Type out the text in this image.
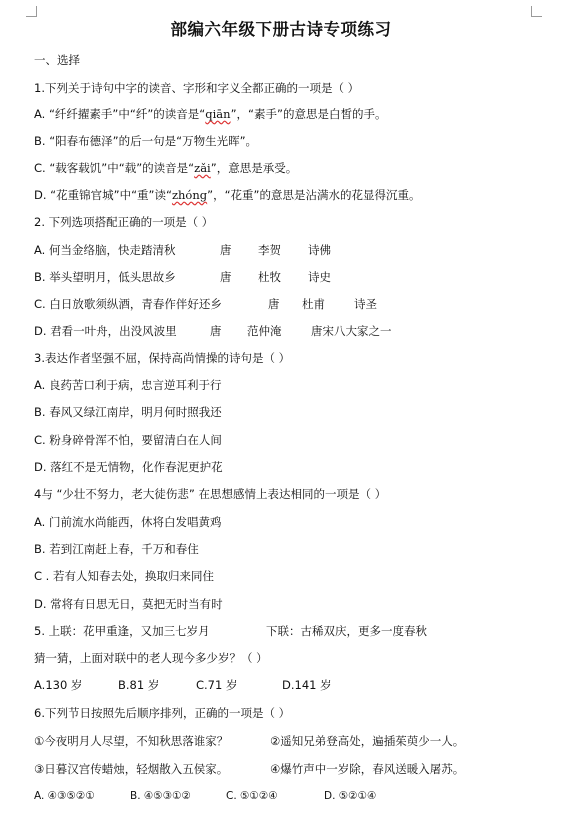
部编六年级下册古诗专项练习
一、选择
1.下列关于诗句中字的读音、字形和字义全都正确的一项是（ ）
A. “纤纤擢素手”中“纤”的读音是“qiān”，“素手”的意思是白皙的手。
B. “阳春布德泽”的后一句是“万物生光晖”。
C. “载客载饥”中“载”的读音是“zǎi”，意思是承受。
D. “花重锦官城”中“重”读“zhóng”，“花重”的意思是沾满水的花显得沉重。
2. 下列选项搭配正确的一项是（ ）
A. 何当金络脑，快走踏清秋	唐 李贺 诗佛
B. 举头望明月，低头思故乡	唐 杜牧 诗史
C. 白日放歌须纵酒，青春作伴好还乡	唐 杜甫	诗圣
D. 君看一叶舟，出没风波里	唐 范仲淹	唐宋八大家之一
3.表达作者坚强不屈，保持高尚情操的诗句是（ ）
A. 良药苦口利于病，忠言逆耳利于行
B. 春风又绿江南岸，明月何时照我还
C. 粉身碎骨浑不怕，要留清白在人间
D. 落红不是无情物，化作春泥更护花
4与 “少壮不努力，老大徒伤悲” 在思想感情上表达相同的一项是（ ）
A. 门前流水尚能西，休将白发唱黄鸡
B. 若到江南赶上春，千万和春住
C . 若有人知春去处，换取归来同住
D. 常将有日思无日，莫把无时当有时
5. 上联：花甲重逢，又加三七岁月	下联：古稀双庆，更多一度春秋
猜一猜，上面对联中的老人现今多少岁？（ ）
A.130 岁	B.81 岁	C.71 岁	D.141 岁
6.下列节日按照先后顺序排列，正确的一项是（ ）
①今夜明月人尽望，不知秋思落谁家？	②遥知兄弟登高处，遍插茱萸少一人。
③日暮汉宫传蜡烛，轻烟散入五侯家。	④爆竹声中一岁除，春风送暖入屠苏。
A. ④③⑤②①	B. ④⑤③①②	C. ⑤①②④	D. ⑤②①④
